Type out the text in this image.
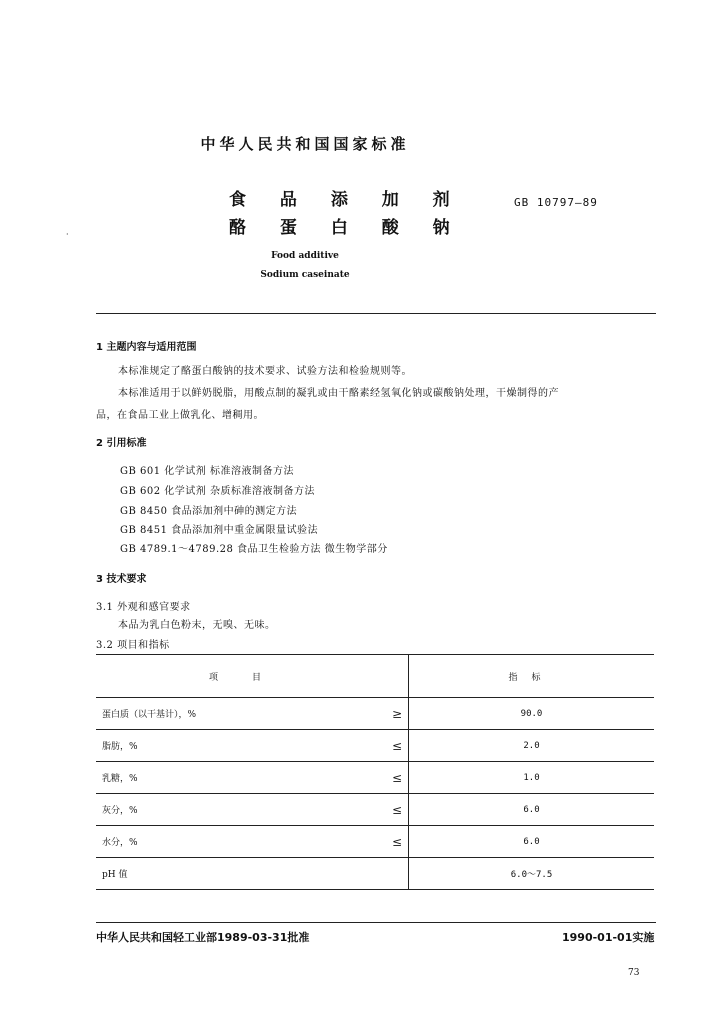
中华人民共和国国家标准
食 品 添 加 剂
酪 蛋 白 酸 钠
GB 10797—89
·
Food additive
Sodium caseinate
1 主题内容与适用范围
本标准规定了酪蛋白酸钠的技术要求、试验方法和检验规则等。
本标准适用于以鲜奶脱脂，用酸点制的凝乳或由干酪素经氢氧化钠或碳酸钠处理，干燥制得的产
品，在食品工业上做乳化、增稠用。
2 引用标准
GB 601 化学试剂 标准溶液制备方法
GB 602 化学试剂 杂质标准溶液制备方法
GB 8450 食品添加剂中砷的测定方法
GB 8451 食品添加剂中重金属限量试验法
GB 4789.1～4789.28 食品卫生检验方法 微生物学部分
3 技术要求
3.1 外观和感官要求
本品为乳白色粉末，无嗅、无味。
3.2 项目和指标
项目		指标
蛋白质（以干基计），%	≥	90.0
脂肪，%	≤	2.0
乳糖，%	≤	1.0
灰分，%	≤	6.0
水分，%	≤	6.0
pH 值		6.0～7.5
中华人民共和国轻工业部1989-03-31批准	1990-01-01实施
73
